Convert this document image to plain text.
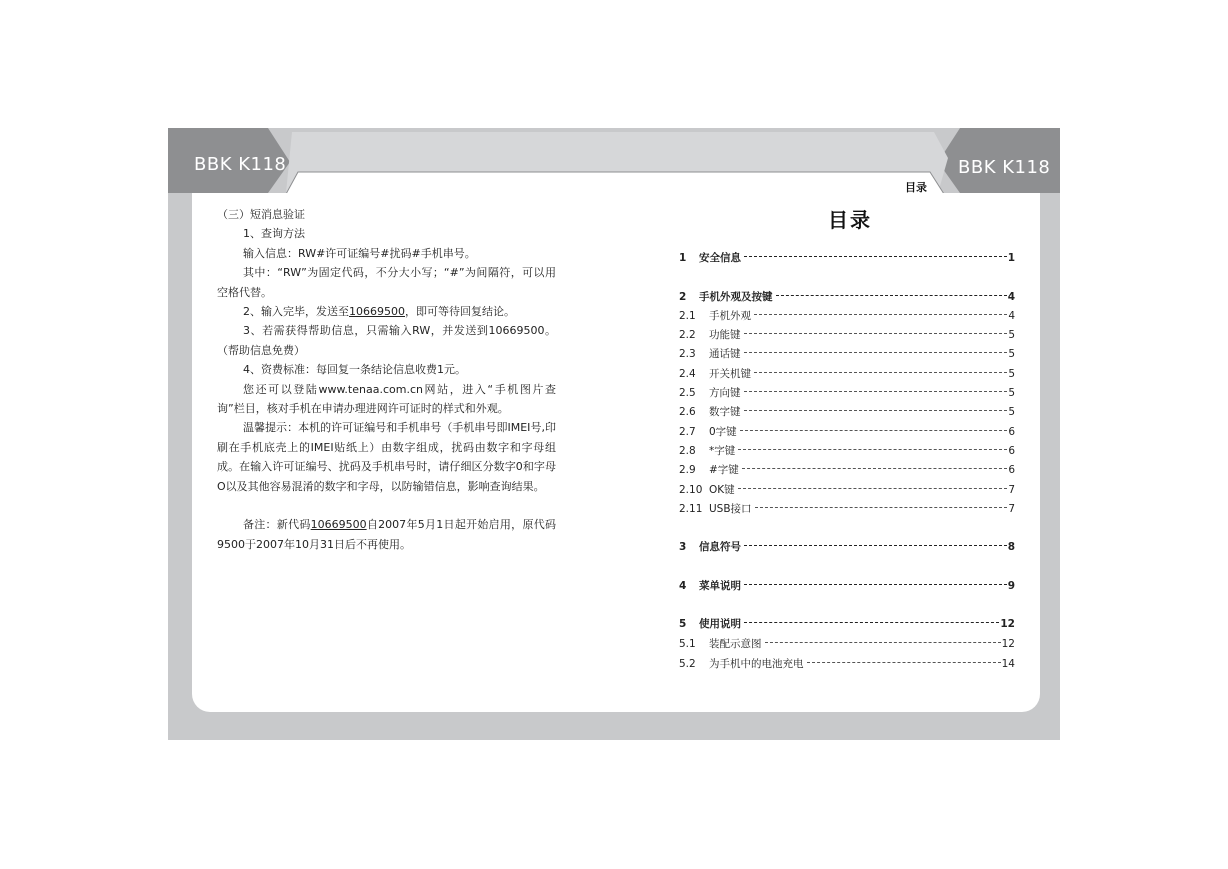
BBK K118	BBK K118
目录

（三）短消息验证

1、查询方法

输入信息：RW#许可证编号#扰码#手机串号。

其中：“RW”为固定代码，不分大小写；“#”为间隔符，可以用空格代替。

2、输入完毕，发送至10669500，即可等待回复结论。

3、若需获得帮助信息，只需输入RW，并发送到10669500。（帮助信息免费）

4、资费标准：每回复一条结论信息收费1元。

您还可以登陆www.tenaa.com.cn网站，进入“手机图片查询”栏目，核对手机在申请办理进网许可证时的样式和外观。

温馨提示：本机的许可证编号和手机串号（手机串号即IMEI号,印刷在手机底壳上的IMEI贴纸上）由数字组成，扰码由数字和字母组成。在输入许可证编号、扰码及手机串号时，请仔细区分数字0和字母O以及其他容易混淆的数字和字母，以防输错信息，影响查询结果。

备注：新代码10669500自2007年5月1日起开始启用，原代码9500于2007年10月31日后不再使用。

目录
1	安全信息	1
2	手机外观及按键	4
2.1	手机外观	4
2.2	功能键	5
2.3	通话键	5
2.4	开关机键	5
2.5	方向键	5
2.6	数字键	5
2.7	0字键	6
2.8	*字键	6
2.9	#字键	6
2.10 OK键	7
2.11 USB接口	7
3	信息符号	8
4	菜单说明	9
5	使用说明	12
5.1	装配示意图	12
5.2	为手机中的电池充电	14
